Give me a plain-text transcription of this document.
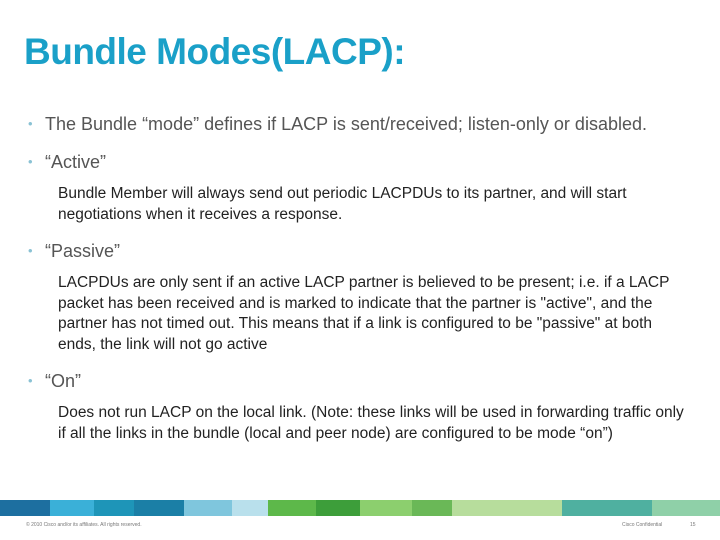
Bundle Modes(LACP):
• The Bundle “mode” defines if LACP is sent/received; listen-only or disabled.
• “Active”
Bundle Member will always send out periodic LACPDUs to its partner, and will start negotiations when it receives a response.
• “Passive”
LACPDUs are only sent if an active LACP partner is believed to be present; i.e. if a LACP packet has been received and is marked to indicate that the partner is "active", and the partner has not timed out. This means that if a link is configured to be "passive" at both ends, the link will not go active
• “On”
Does not run LACP on the local link. (Note: these links will be used in forwarding traffic only if all the links in the bundle (local and peer node) are configured to be mode “on”)
© 2010 Cisco and/or its affiliates. All rights reserved.	Cisco Confidential	15
